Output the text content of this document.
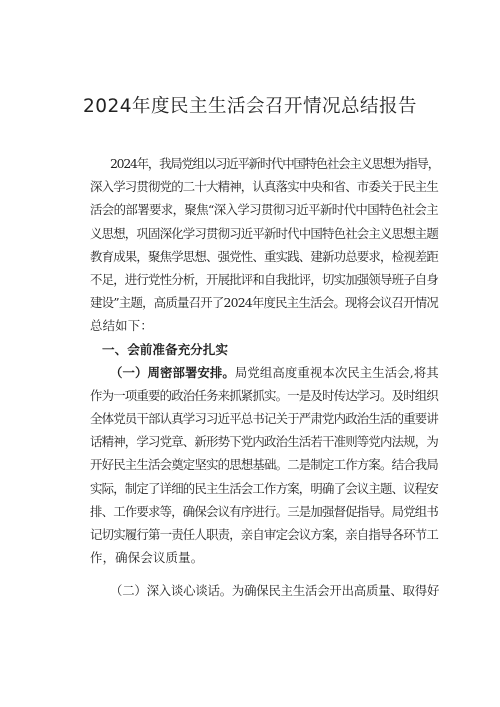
2024年度民主生活会召开情况总结报告
2024年，我局党组以习近平新时代中国特色社会主义思想为指导，
深入学习贯彻党的二十大精神，认真落实中央和省、市委关于民主生
活会的部署要求，聚焦“深入学习贯彻习近平新时代中国特色社会主
义思想，巩固深化学习贯彻习近平新时代中国特色社会主义思想主题
教育成果，聚焦学思想、强党性、重实践、建新功总要求，检视差距
不足，进行党性分析，开展批评和自我批评，切实加强领导班子自身
建设”主题，高质量召开了2024年度民主生活会。现将会议召开情况
总结如下：
一、会前准备充分扎实
（一）周密部署安排。局党组高度重视本次民主生活会,将其
作为一项重要的政治任务来抓紧抓实。一是及时传达学习。及时组织
全体党员干部认真学习习近平总书记关于严肃党内政治生活的重要讲
话精神，学习党章、新形势下党内政治生活若干准则等党内法规，为
开好民主生活会奠定坚实的思想基础。二是制定工作方案。结合我局
实际，制定了详细的民主生活会工作方案，明确了会议主题、议程安
排、工作要求等，确保会议有序进行。三是加强督促指导。局党组书
记切实履行第一责任人职责，亲自审定会议方案，亲自指导各环节工
作，确保会议质量。
（二）深入谈心谈话。为确保民主生活会开出高质量、取得好
